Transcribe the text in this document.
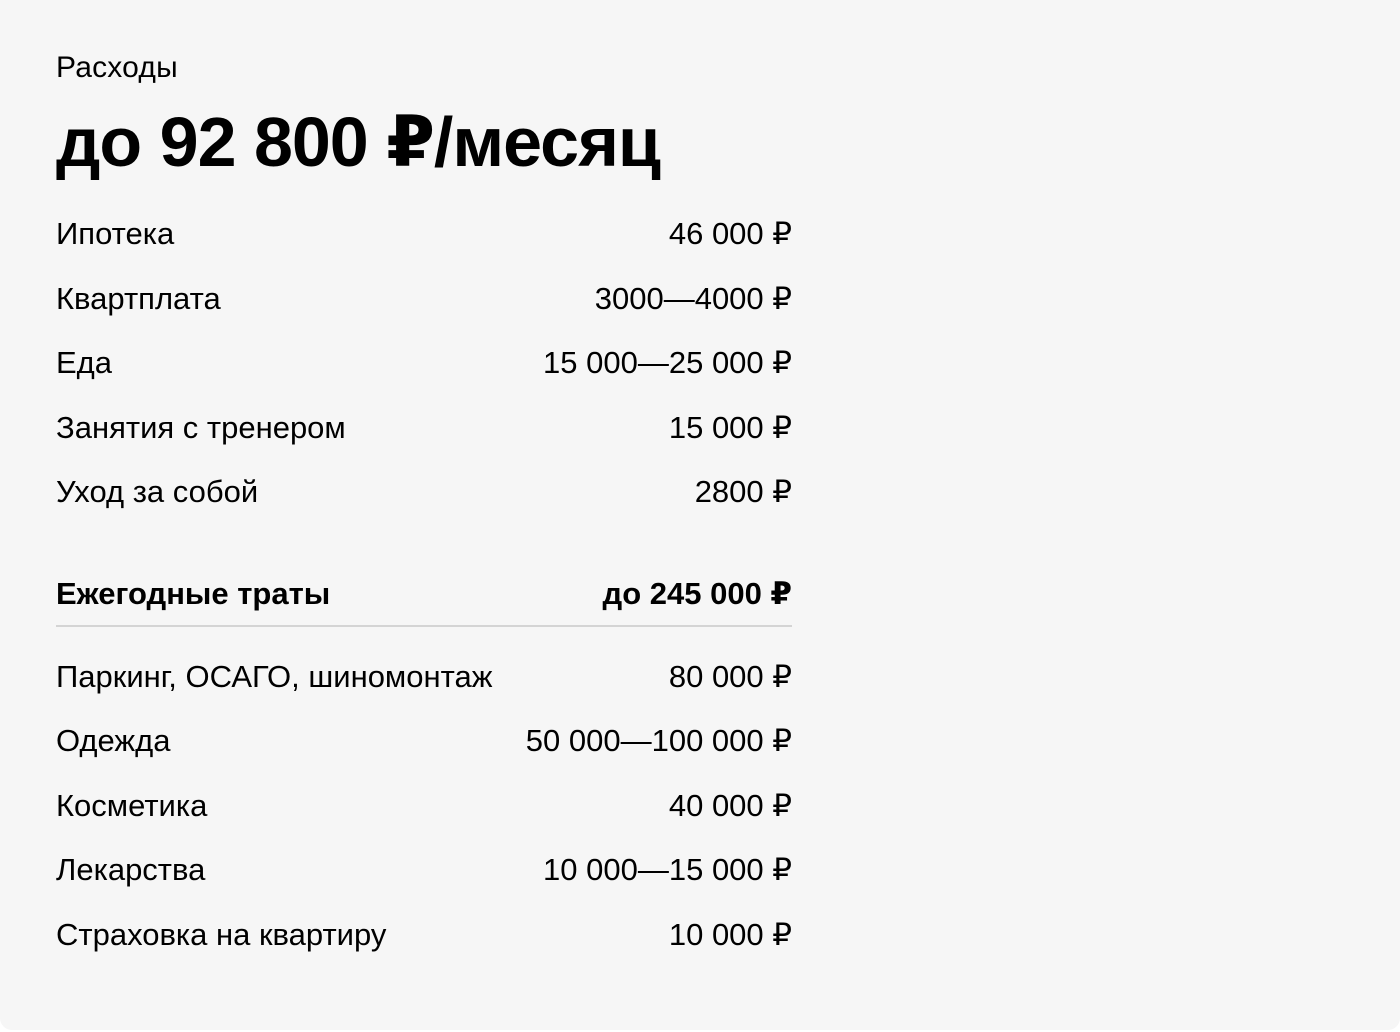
Расходы
до 92 800 ₽/месяц
Ипотека	46 000 ₽
Квартплата	3000—4000 ₽
Еда	15 000—25 000 ₽
Занятия с тренером	15 000 ₽
Уход за собой	2800 ₽
Ежегодные траты	до 245 000 ₽
Паркинг, ОСАГО, шиномонтаж	80 000 ₽
Одежда	50 000—100 000 ₽
Косметика	40 000 ₽
Лекарства	10 000—15 000 ₽
Страховка на квартиру	10 000 ₽
